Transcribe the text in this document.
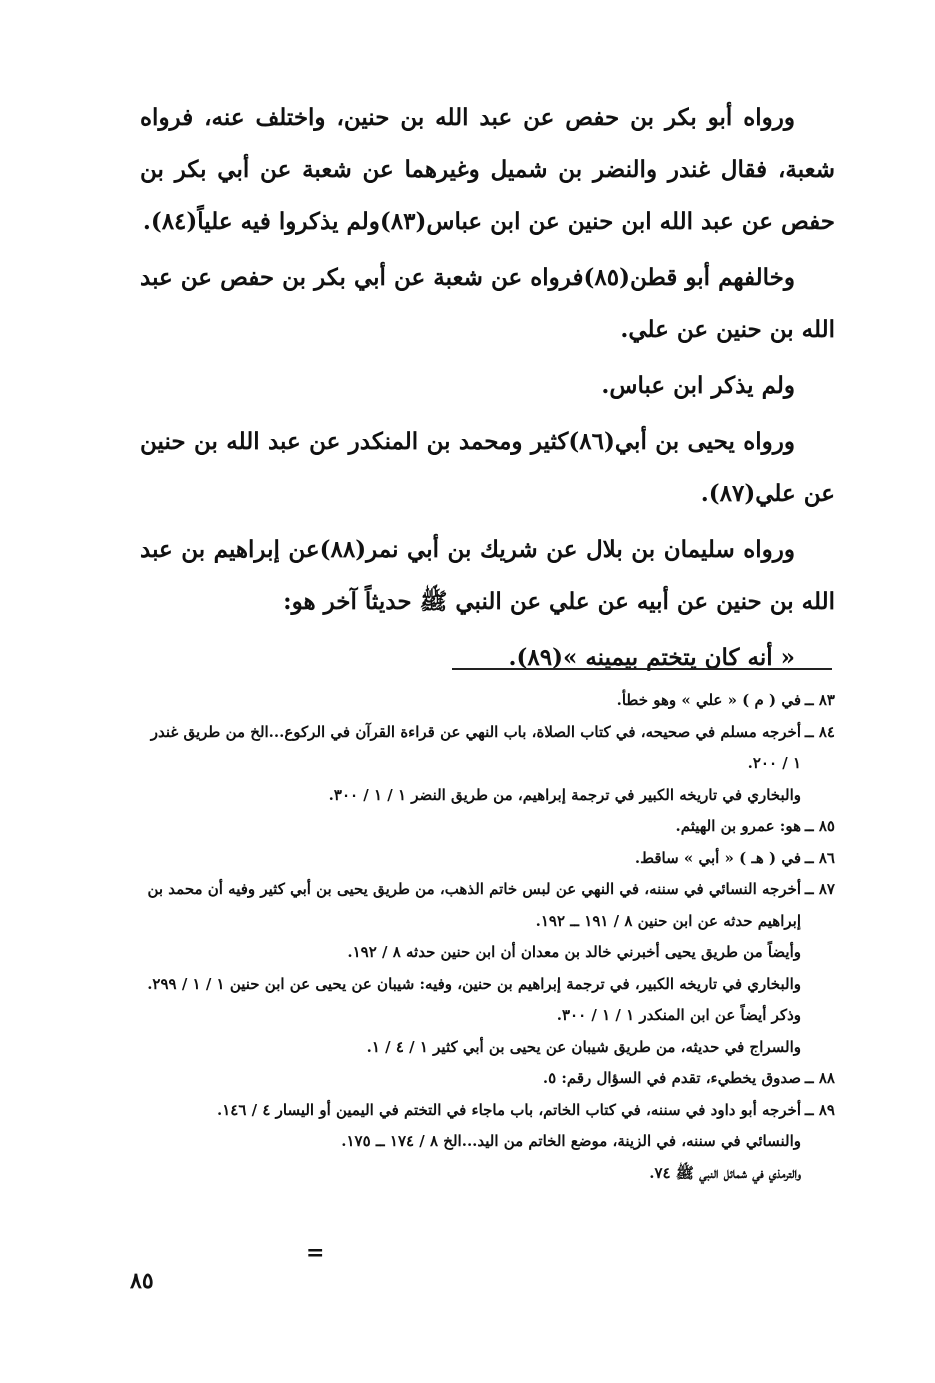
ورواه أبو بكر بن حفص عن عبد الله بن حنين، واختلف عنه، فرواه شعبة، فقال غندر والنضر بن شميل وغيرهما عن شعبة عن أبي بكر بن حفص عن عبد الله ابن حنين عن ابن عباس(٨٣)ولم يذكروا فيه علياً(٨٤).

وخالفهم أبو قطن(٨٥)فرواه عن شعبة عن أبي بكر بن حفص عن عبد الله بن حنين عن علي.

ولم يذكر ابن عباس.

ورواه يحيى بن أبي(٨٦)كثير ومحمد بن المنكدر عن عبد الله بن حنين عن علي(٨٧).

ورواه سليمان بن بلال عن شريك بن أبي نمر(٨٨)عن إبراهيم بن عبد الله بن حنين عن أبيه عن علي عن النبي ﷺ حديثاً آخر هو:

« أنه كان يتختم بيمينه »(٨٩).

٨٣ ــفي ( م ) « علي » وهو خطأ.
٨٤ ــأخرجه مسلم في صحيحه، في كتاب الصلاة، باب النهي عن قراءة القرآن في الركوع...الخ من طريق غندر ١ / ٢٠٠.
والبخاري في تاريخه الكبير في ترجمة إبراهيم، من طريق النضر ١ / ١ / ٣٠٠.
٨٥ ــهو: عمرو بن الهيثم.
٨٦ ــفي ( هـ ) « أبي » ساقط.
٨٧ ــأخرجه النسائي في سننه، في النهي عن لبس خاتم الذهب، من طريق يحيى بن أبي كثير وفيه أن محمد بن إبراهيم حدثه عن ابن حنين ٨ / ١٩١ ــ ١٩٢.
وأيضاً من طريق يحيى أخبرني خالد بن معدان أن ابن حنين حدثه ٨ / ١٩٢.
والبخاري في تاريخه الكبير، في ترجمة إبراهيم بن حنين، وفيه: شيبان عن يحيى عن ابن حنين ١ / ١ / ٢٩٩.
وذكر أيضاً عن ابن المنكدر ١ / ١ / ٣٠٠.
والسراج في حديثه، من طريق شيبان عن يحيى بن أبي كثير ١ / ٤ / ١.
٨٨ ــصدوق يخطيء، تقدم في السؤال رقم: ٥.
٨٩ ــأخرجه أبو داود في سننه، في كتاب الخاتم، باب ماجاء في التختم في اليمين أو اليسار ٤ / ١٤٦.
والنسائي في سننه، في الزينة، موضع الخاتم من اليد...الخ ٨ / ١٧٤ ــ ١٧٥.
والترمذي في شمائل النبي ﷺ ٧٤.
=
٨٥
